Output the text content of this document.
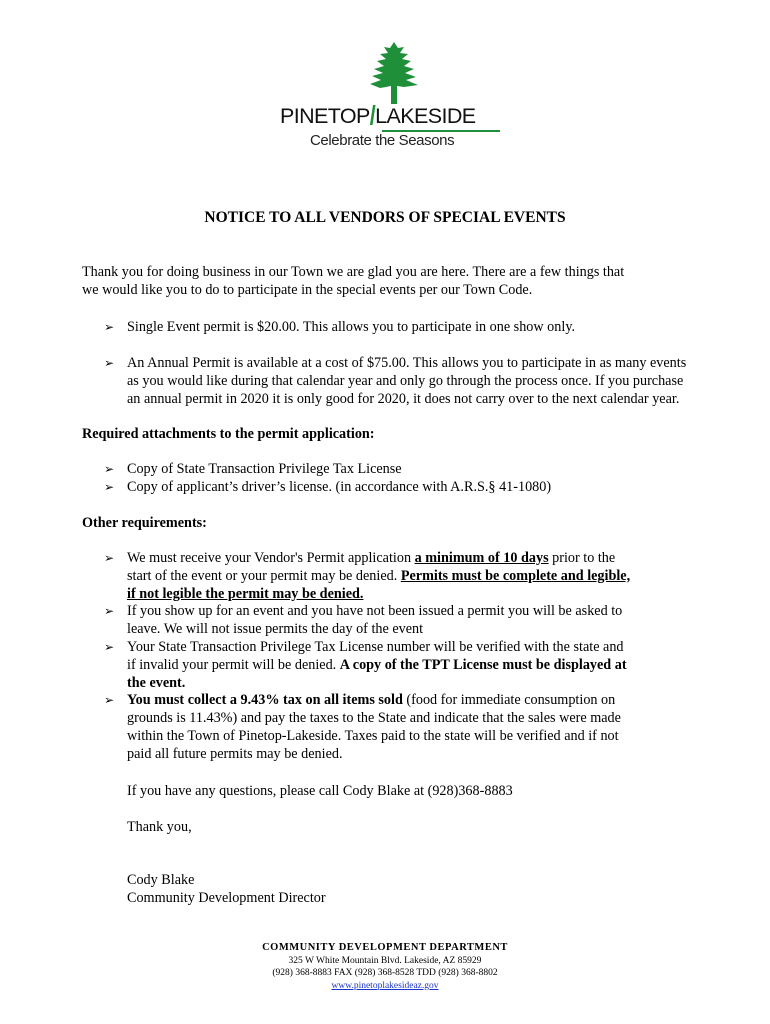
PINETOP/LAKESIDE
Celebrate the Seasons
NOTICE TO ALL VENDORS OF SPECIAL EVENTS
Thank you for doing business in our Town we are glad you are here. There are a few things that
we would like you to do to participate in the special events per our Town Code.
➢ Single Event permit is $20.00. This allows you to participate in one show only.
➢ An Annual Permit is available at a cost of $75.00. This allows you to participate in as many events
as you would like during that calendar year and only go through the process once. If you purchase
an annual permit in 2020 it is only good for 2020, it does not carry over to the next calendar year.
Required attachments to the permit application:
➢ Copy of State Transaction Privilege Tax License
➢ Copy of applicant’s driver’s license. (in accordance with A.R.S.§ 41-1080)
Other requirements:
➢ We must receive your Vendor's Permit application a minimum of 10 days prior to the
start of the event or your permit may be denied. Permits must be complete and legible,
if not legible the permit may be denied.
➢ If you show up for an event and you have not been issued a permit you will be asked to
leave. We will not issue permits the day of the event
➢ Your State Transaction Privilege Tax License number will be verified with the state and
if invalid your permit will be denied. A copy of the TPT License must be displayed at
the event.
➢ You must collect a 9.43% tax on all items sold (food for immediate consumption on
grounds is 11.43%) and pay the taxes to the State and indicate that the sales were made
within the Town of Pinetop-Lakeside. Taxes paid to the state will be verified and if not
paid all future permits may be denied.
If you have any questions, please call Cody Blake at (928)368-8883
Thank you,
Cody Blake
Community Development Director
COMMUNITY DEVELOPMENT DEPARTMENT
325 W White Mountain Blvd. Lakeside, AZ 85929
(928) 368-8883 FAX (928) 368-8528 TDD (928) 368-8802
www.pinetoplakesideaz.gov
